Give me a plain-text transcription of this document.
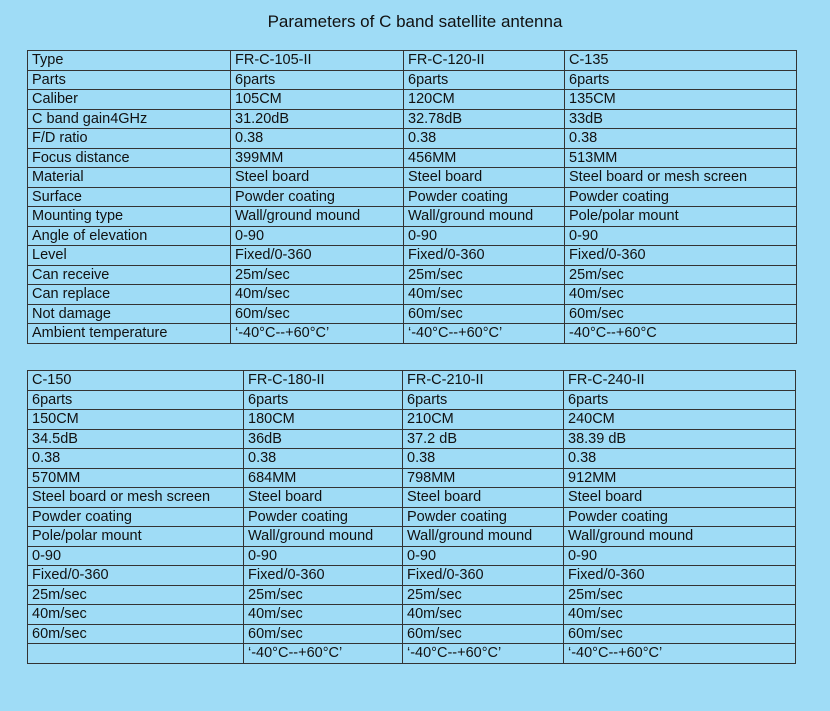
Parameters of C band satellite antenna
Type	FR-C-105-II	FR-C-120-II	C-135
Parts	6parts	6parts	6parts
Caliber	105CM	120CM	135CM
C band gain4GHz	31.20dB	32.78dB	33dB
F/D ratio	0.38	0.38	0.38
Focus distance	399MM	456MM	513MM
Material	Steel board	Steel board	Steel board or mesh screen
Surface	Powder coating	Powder coating	Powder coating
Mounting type	Wall/ground mound	Wall/ground mound	Pole/polar mount
Angle of elevation	0-90	0-90	0-90
Level	Fixed/0-360	Fixed/0-360	Fixed/0-360
Can receive	25m/sec	25m/sec	25m/sec
Can replace	40m/sec	40m/sec	40m/sec
Not damage	60m/sec	60m/sec	60m/sec
Ambient temperature	‘-40°C--+60°C’	‘-40°C--+60°C’	-40°C--+60°C
C-150	FR-C-180-II	FR-C-210-II	FR-C-240-II
6parts	6parts	6parts	6parts
150CM	180CM	210CM	240CM
34.5dB	36dB	37.2 dB	38.39 dB
0.38	0.38	0.38	0.38
570MM	684MM	798MM	912MM
Steel board or mesh screen	Steel board	Steel board	Steel board
Powder coating	Powder coating	Powder coating	Powder coating
Pole/polar mount	Wall/ground mound	Wall/ground mound	Wall/ground mound
0-90	0-90	0-90	0-90
Fixed/0-360	Fixed/0-360	Fixed/0-360	Fixed/0-360
25m/sec	25m/sec	25m/sec	25m/sec
40m/sec	40m/sec	40m/sec	40m/sec
60m/sec	60m/sec	60m/sec	60m/sec
	‘-40°C--+60°C’	‘-40°C--+60°C’	‘-40°C--+60°C’
